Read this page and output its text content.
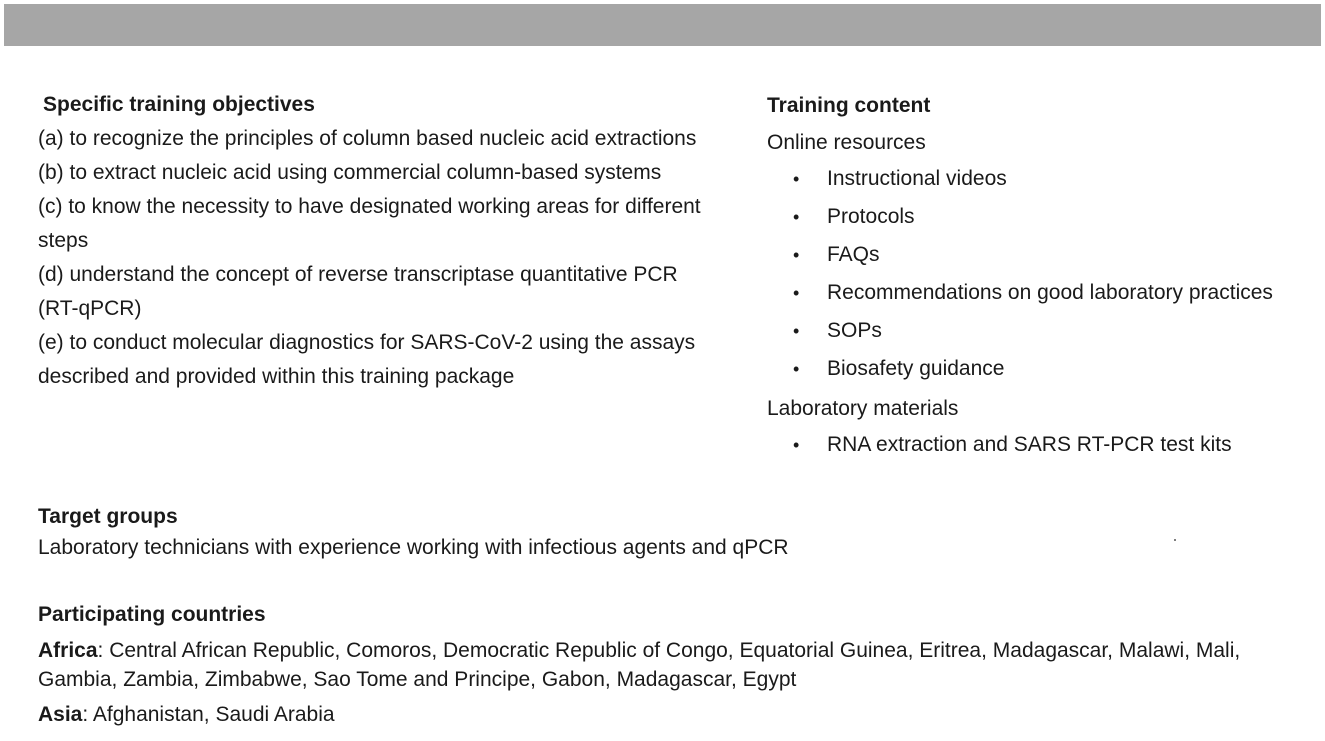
Specific training objectives

(a) to recognize the principles of column based nucleic acid extractions

(b) to extract nucleic acid using commercial column-based systems

(c) to know the necessity to have designated working areas for different steps

(d) understand the concept of reverse transcriptase quantitative PCR (RT-qPCR)

(e) to conduct molecular diagnostics for SARS-CoV-2 using the assays described and provided within this training package

Training content

Online resources

• Instructional videos
• Protocols
• FAQs
• Recommendations on good laboratory practices
• SOPs
• Biosafety guidance

Laboratory materials

• RNA extraction and SARS RT-PCR test kits

Target groups

Laboratory technicians with experience working with infectious agents and qPCR

Participating countries

Africa: Central African Republic, Comoros, Democratic Republic of Congo, Equatorial Guinea, Eritrea, Madagascar, Malawi, Mali, Gambia, Zambia, Zimbabwe, Sao Tome and Principe, Gabon, Madagascar, Egypt

Asia: Afghanistan, Saudi Arabia
